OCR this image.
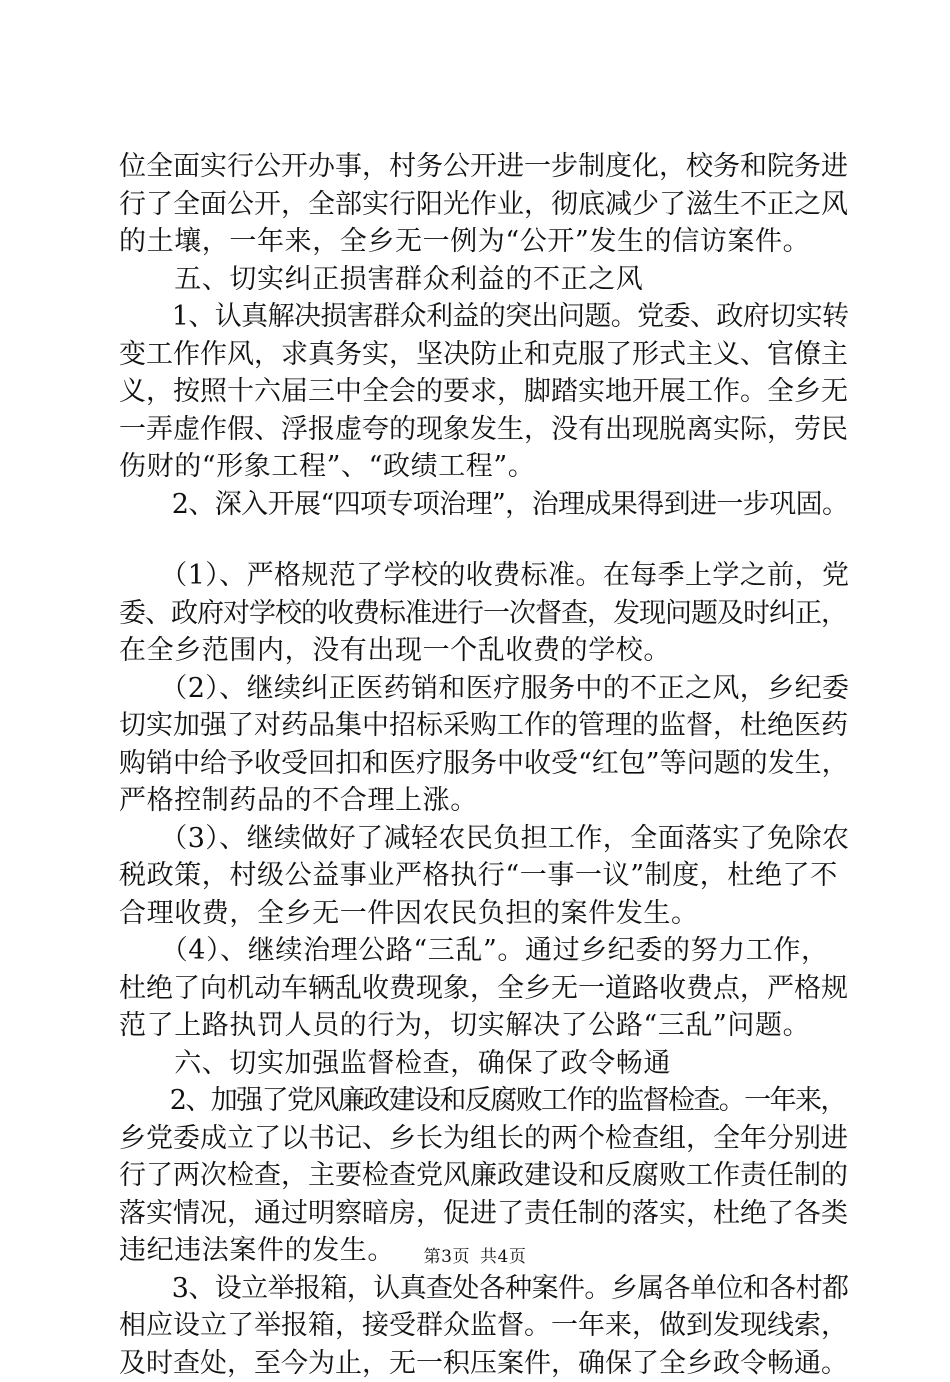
位全面实行公开办事，村务公开进一步制度化，校务和院务进
行了全面公开，全部实行阳光作业，彻底减少了滋生不正之风
的土壤，一年来，全乡无一例为“公开”发生的信访案件。
　　五、切实纠正损害群众利益的不正之风
　　1、认真解决损害群众利益的突出问题。党委、政府切实转
变工作作风，求真务实，坚决防止和克服了形式主义、官僚主
义，按照十六届三中全会的要求，脚踏实地开展工作。全乡无
一弄虚作假、浮报虚夸的现象发生，没有出现脱离实际，劳民
伤财的“形象工程”、“政绩工程”。
　　2、深入开展“四项专项治理”，治理成果得到进一步巩固。
　　（1）、严格规范了学校的收费标准。在每季上学之前，党
委、政府对学校的收费标准进行一次督查，发现问题及时纠正，
在全乡范围内，没有出现一个乱收费的学校。
　　（2）、继续纠正医药销和医疗服务中的不正之风，乡纪委
切实加强了对药品集中招标采购工作的管理的监督，杜绝医药
购销中给予收受回扣和医疗服务中收受“红包”等问题的发生，
严格控制药品的不合理上涨。
　　（3）、继续做好了减轻农民负担工作，全面落实了免除农
税政策，村级公益事业严格执行“一事一议”制度，杜绝了不
合理收费，全乡无一件因农民负担的案件发生。
　　（4）、继续治理公路“三乱”。通过乡纪委的努力工作，
杜绝了向机动车辆乱收费现象，全乡无一道路收费点，严格规
范了上路执罚人员的行为，切实解决了公路“三乱”问题。
　　六、切实加强监督检查，确保了政令畅通
　　2、加强了党风廉政建设和反腐败工作的监督检查。一年来，
乡党委成立了以书记、乡长为组长的两个检查组，全年分别进
行了两次检查，主要检查党风廉政建设和反腐败工作责任制的
落实情况，通过明察暗房，促进了责任制的落实，杜绝了各类
违纪违法案件的发生。
　　3、设立举报箱，认真查处各种案件。乡属各单位和各村都
相应设立了举报箱，接受群众监督。一年来，做到发现线索，
及时查处，至今为止，无一积压案件，确保了全乡政令畅通。
第3页 共4页
